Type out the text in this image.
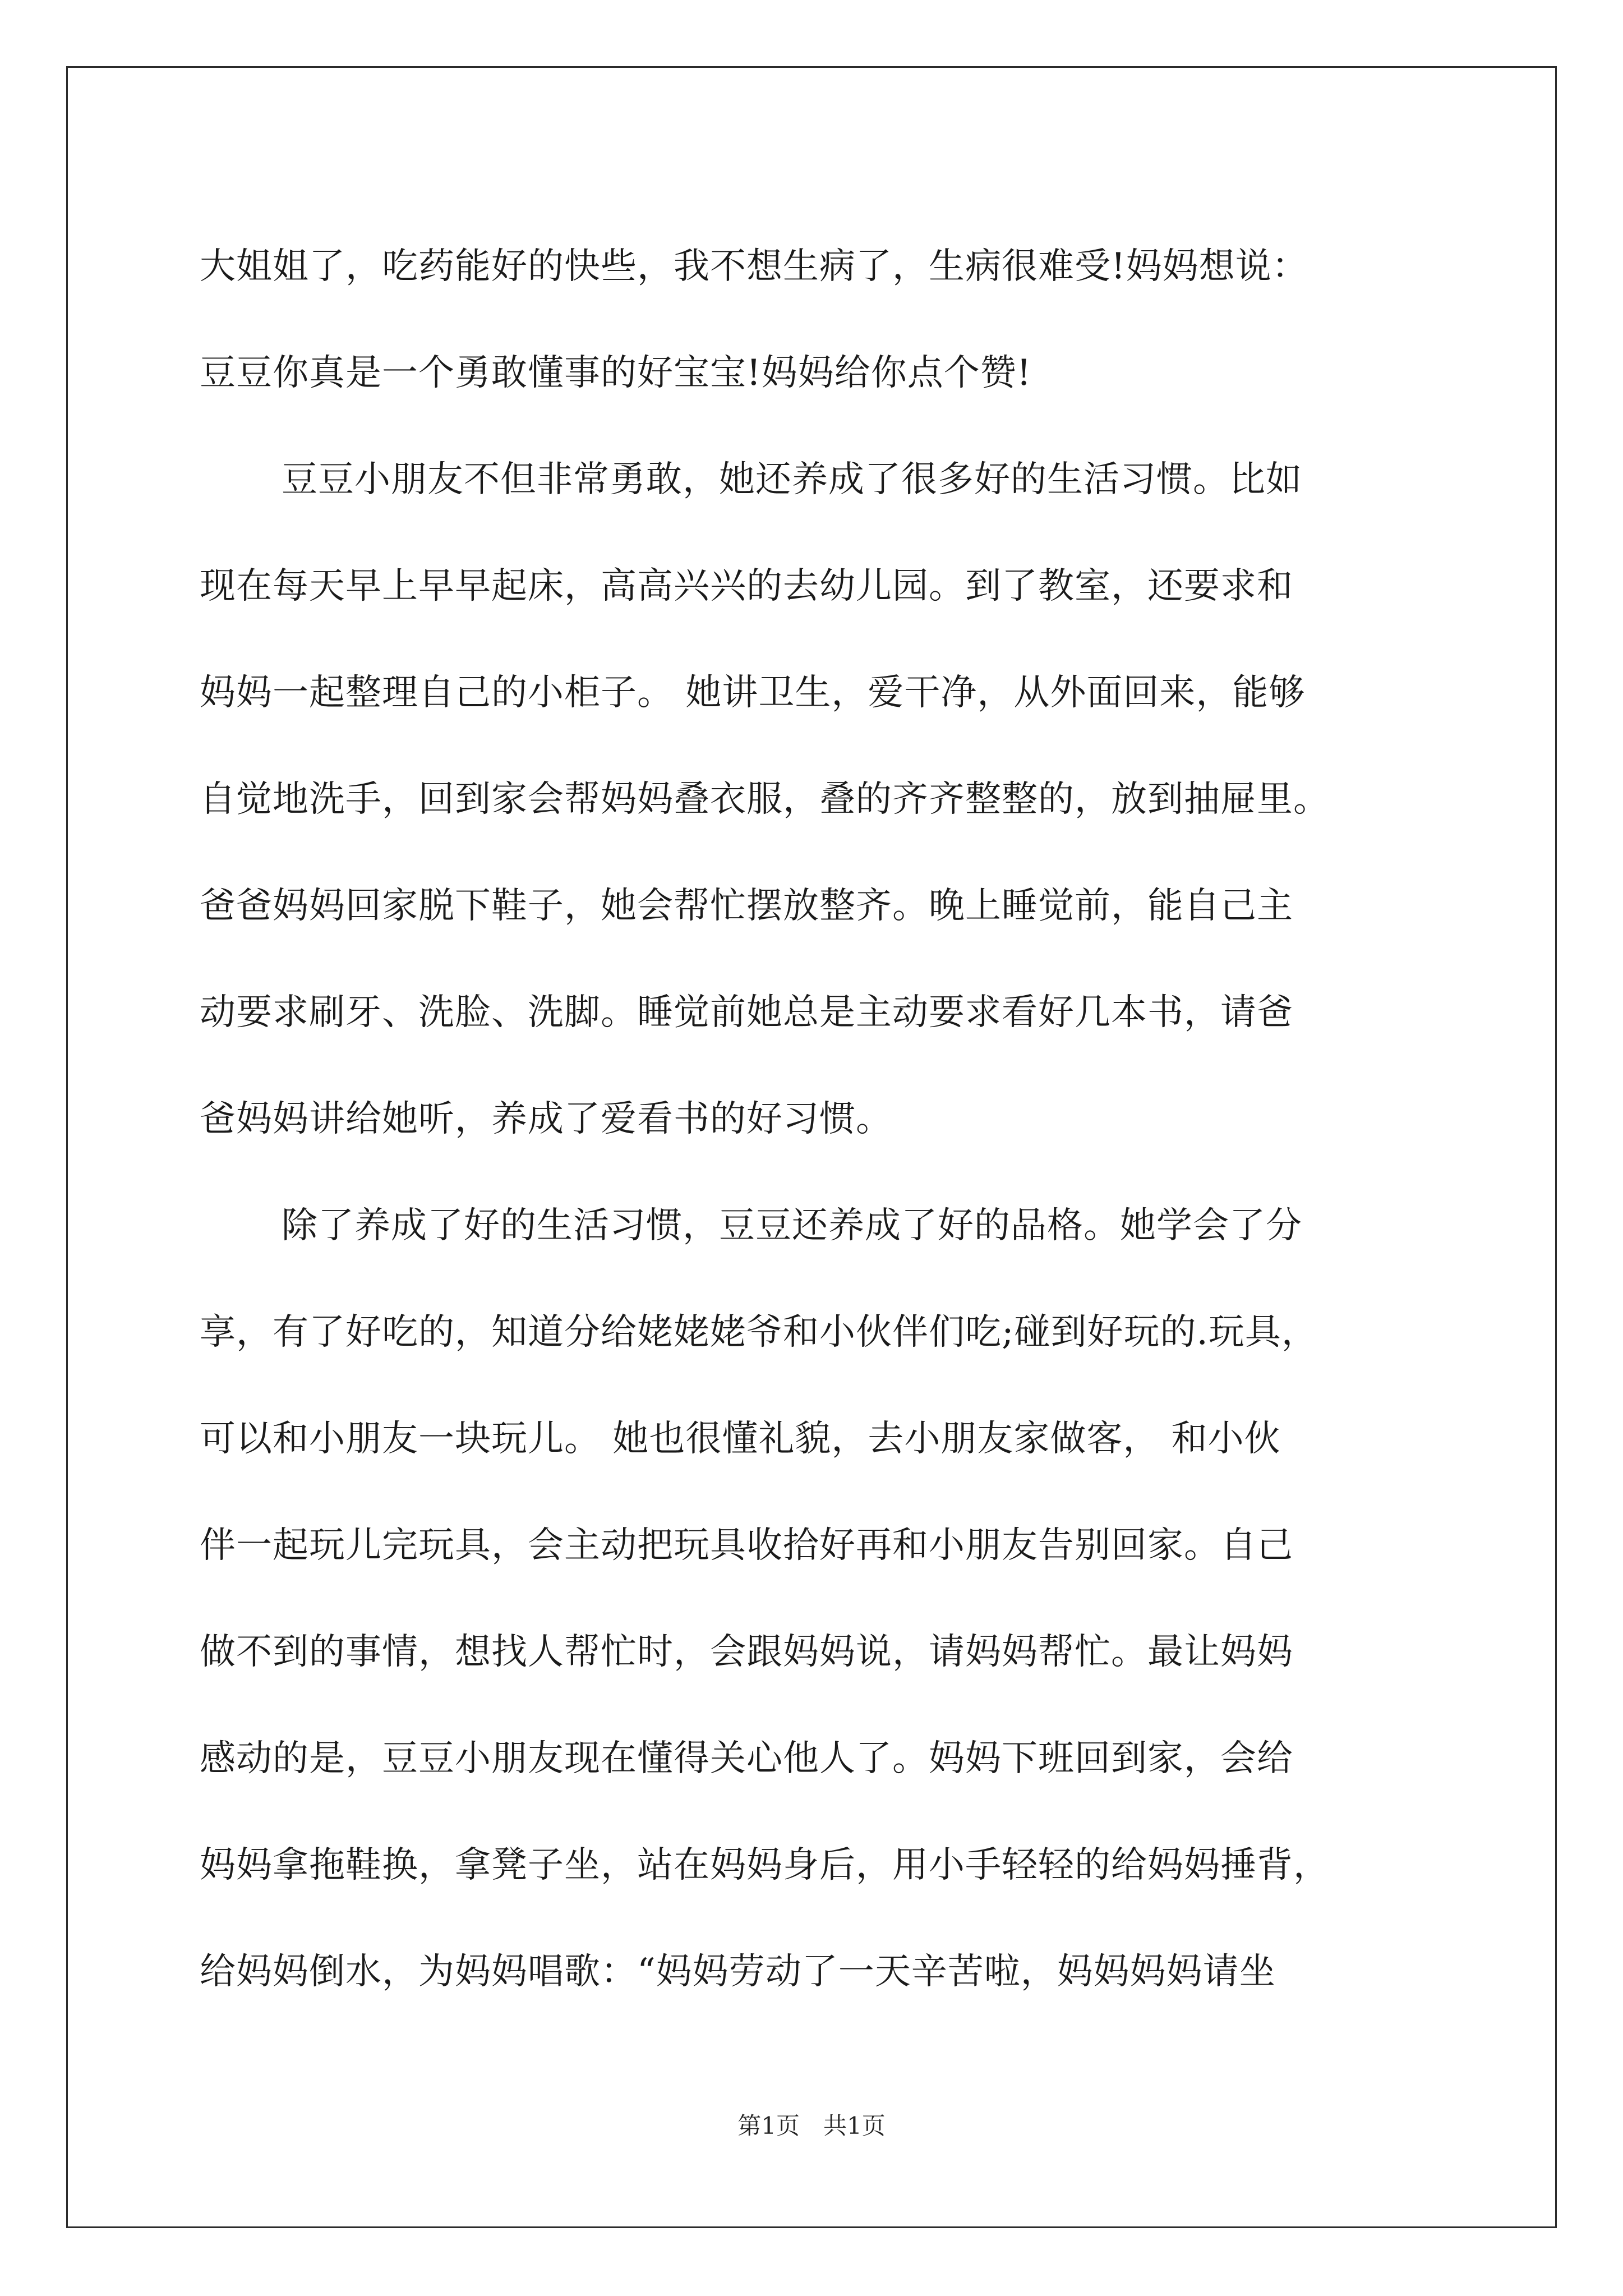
大姐姐了，吃药能好的快些，我不想生病了，生病很难受!妈妈想说：
豆豆你真是一个勇敢懂事的好宝宝!妈妈给你点个赞!
豆豆小朋友不但非常勇敢，她还养成了很多好的生活习惯。比如
现在每天早上早早起床，高高兴兴的去幼儿园。到了教室，还要求和
妈妈一起整理自己的小柜子。 她讲卫生，爱干净，从外面回来，能够
自觉地洗手，回到家会帮妈妈叠衣服，叠的齐齐整整的，放到抽屉里。
爸爸妈妈回家脱下鞋子，她会帮忙摆放整齐。晚上睡觉前，能自己主
动要求刷牙、洗脸、洗脚。睡觉前她总是主动要求看好几本书，请爸
爸妈妈讲给她听，养成了爱看书的好习惯。
除了养成了好的生活习惯，豆豆还养成了好的品格。她学会了分
享，有了好吃的，知道分给姥姥姥爷和小伙伴们吃;碰到好玩的.玩具，
可以和小朋友一块玩儿。 她也很懂礼貌，去小朋友家做客， 和小伙
伴一起玩儿完玩具，会主动把玩具收拾好再和小朋友告别回家。自己
做不到的事情，想找人帮忙时，会跟妈妈说，请妈妈帮忙。最让妈妈
感动的是，豆豆小朋友现在懂得关心他人了。妈妈下班回到家，会给
妈妈拿拖鞋换，拿凳子坐，站在妈妈身后，用小手轻轻的给妈妈捶背，
给妈妈倒水，为妈妈唱歌：“妈妈劳动了一天辛苦啦，妈妈妈妈请坐
第1页　共1页
